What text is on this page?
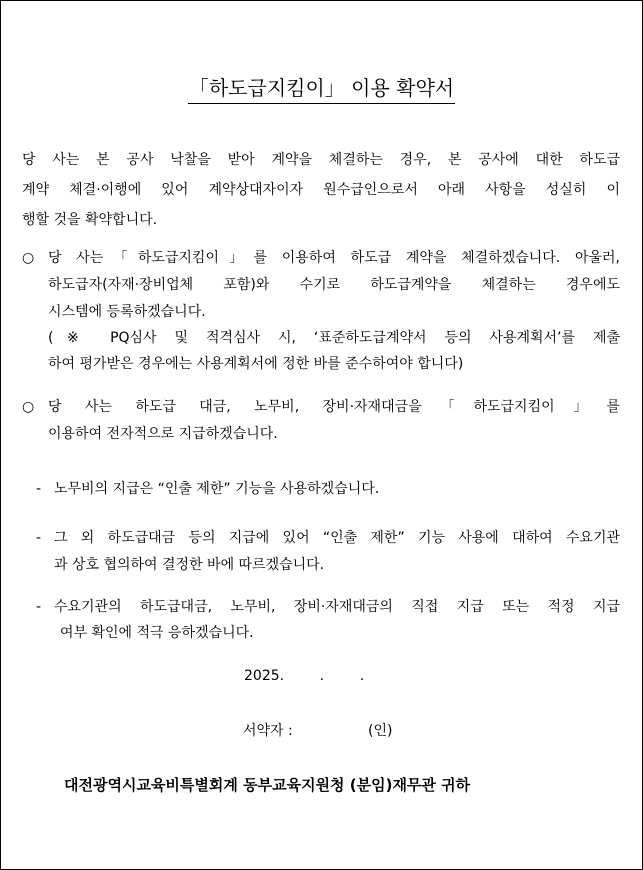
「하도급지킴이」 이용 확약서
당 사는 본 공사 낙찰을 받아 계약을 체결하는 경우, 본 공사에 대한 하도급
계약 체결·이행에 있어 계약상대자이자 원수급인으로서 아래 사항을 성실히 이
행할 것을 확약합니다.
○ 당 사는「하도급지킴이」를 이용하여 하도급 계약을 체결하겠습니다. 아울러,
하도급자(자재·장비업체 포함)와 수기로 하도급계약을 체결하는 경우에도
시스템에 등록하겠습니다.
(※ PQ심사 및 적격심사 시, ‘표준하도급계약서 등의 사용계획서’를 제출
하여 평가받은 경우에는 사용계획서에 정한 바를 준수하여야 합니다)
○ 당 사는 하도급 대금, 노무비, 장비·자재대금을「하도급지킴이」를
이용하여 전자적으로 지급하겠습니다.
- 노무비의 지급은 “인출 제한” 기능을 사용하겠습니다.
- 그 외 하도급대금 등의 지급에 있어 “인출 제한” 기능 사용에 대하여 수요기관
과 상호 협의하여 결정한 바에 따르겠습니다.
- 수요기관의 하도급대금, 노무비, 장비·자재대금의 직접 지급 또는 적정 지급
여부 확인에 적극 응하겠습니다.
2025.        .        .
서약자 :	(인)
대전광역시교육비특별회계 동부교육지원청 (분임)재무관 귀하
